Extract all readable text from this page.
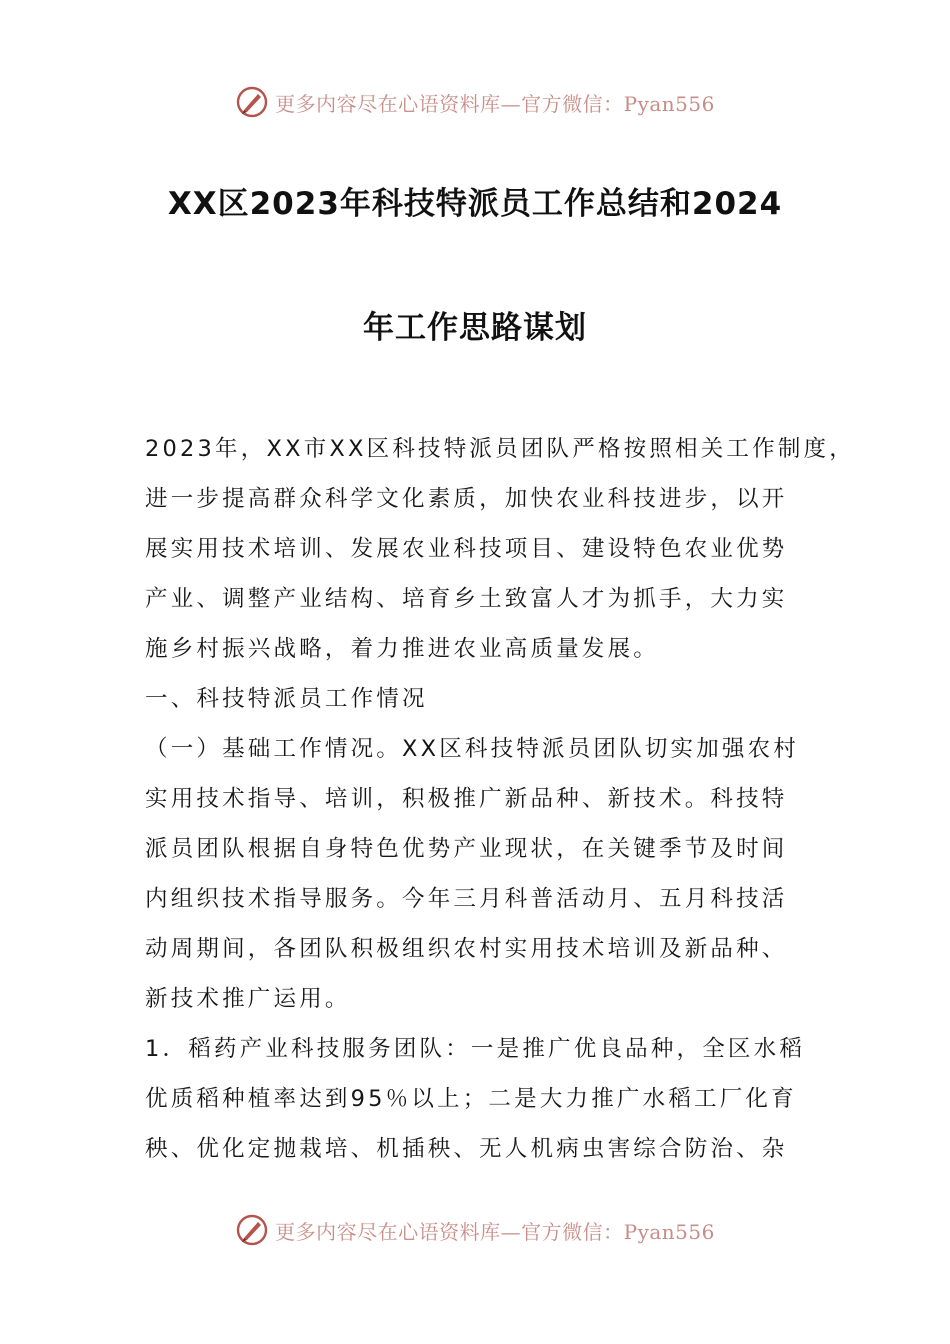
更多内容尽在心语资料库—官方微信：Pyan556
XX区2023年科技特派员工作总结和2024
年工作思路谋划
2023年，XX市XX区科技特派员团队严格按照相关工作制度，
进一步提高群众科学文化素质，加快农业科技进步，以开
展实用技术培训、发展农业科技项目、建设特色农业优势
产业、调整产业结构、培育乡土致富人才为抓手，大力实
施乡村振兴战略，着力推进农业高质量发展。
一、科技特派员工作情况
（一）基础工作情况。XX区科技特派员团队切实加强农村
实用技术指导、培训，积极推广新品种、新技术。科技特
派员团队根据自身特色优势产业现状，在关键季节及时间
内组织技术指导服务。今年三月科普活动月、五月科技活
动周期间，各团队积极组织农村实用技术培训及新品种、
新技术推广运用。
1．稻药产业科技服务团队：一是推广优良品种，全区水稻
优质稻种植率达到95％以上；二是大力推广水稻工厂化育
秧、优化定抛栽培、机插秧、无人机病虫害综合防治、杂
更多内容尽在心语资料库—官方微信：Pyan556
